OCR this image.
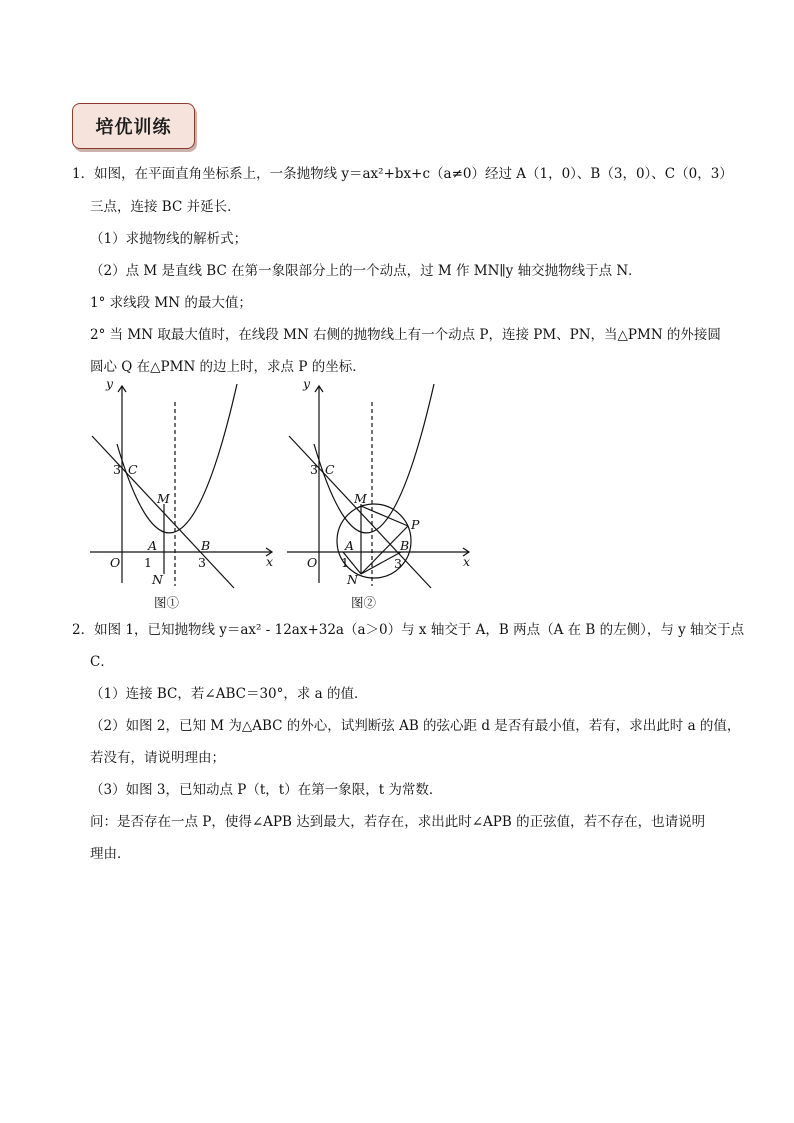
培优训练
1．如图，在平面直角坐标系上，一条抛物线 y＝ax²+bx+c（a≠0）经过 A（1，0）、B（3，0）、C（0，3）
三点，连接 BC 并延长．
（1）求抛物线的解析式；
（2）点 M 是直线 BC 在第一象限部分上的一个动点，过 M 作 MN∥y 轴交抛物线于点 N．
1° 求线段 MN 的最大值；
2° 当 MN 取最大值时，在线段 MN 右侧的抛物线上有一个动点 P，连接 PM、PN，当△PMN 的外接圆
圆心 Q 在△PMN 的边上时，求点 P 的坐标．
y
x
O
3 C
M
A
1
N
B
3
图①
y
x
O
3 C
M
A
1
N
B
3
P
图②
2．如图 1，已知抛物线 y＝ax² - 12ax+32a（a＞0）与 x 轴交于 A，B 两点（A 在 B 的左侧），与 y 轴交于点
C．
（1）连接 BC，若∠ABC＝30°，求 a 的值．
（2）如图 2，已知 M 为△ABC 的外心，试判断弦 AB 的弦心距 d 是否有最小值，若有，求出此时 a 的值，
若没有，请说明理由；
（3）如图 3，已知动点 P（t，t）在第一象限，t 为常数．
问：是否存在一点 P，使得∠APB 达到最大，若存在，求出此时∠APB 的正弦值，若不存在，也请说明
理由．
